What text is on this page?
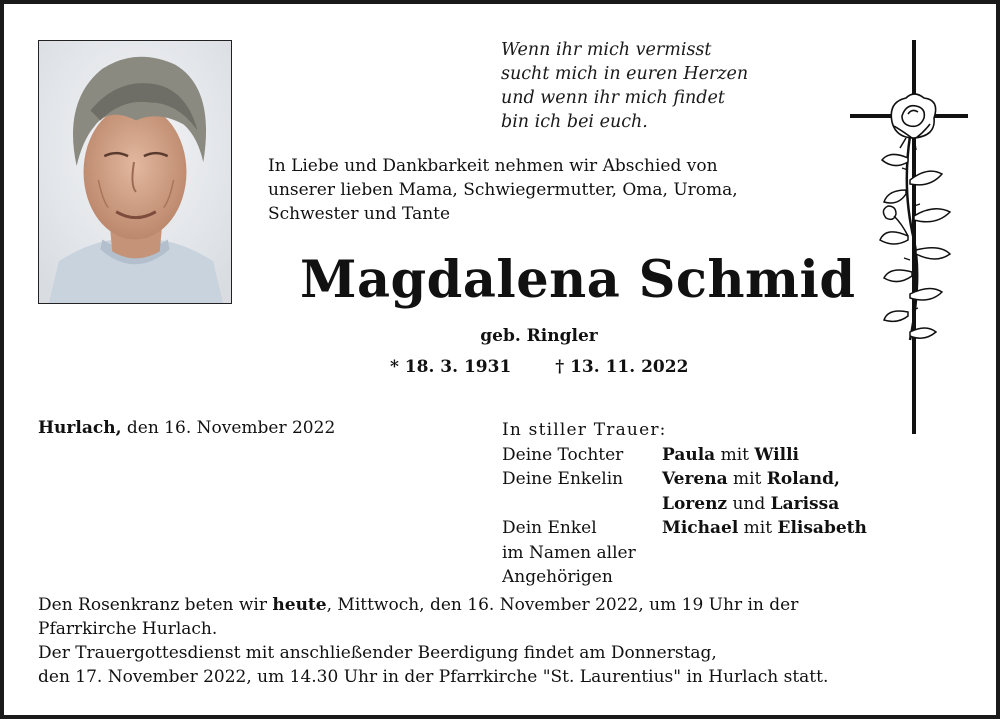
Wenn ihr mich vermisst
sucht mich in euren Herzen
und wenn ihr mich findet
bin ich bei euch.
In Liebe und Dankbarkeit nehmen wir Abschied von
unserer lieben Mama, Schwiegermutter, Oma, Uroma,
Schwester und Tante
Magdalena Schmid
geb. Ringler
* 18. 3. 1931	† 13. 11. 2022
Hurlach, den 16. November 2022	In stiller Trauer:
Deine Tochter	Paula mit Willi
Deine Enkelin	Verena mit Roland,
Lorenz und Larissa
Dein Enkel	Michael mit Elisabeth
im Namen aller
Angehörigen
Den Rosenkranz beten wir heute, Mittwoch, den 16. November 2022, um 19 Uhr in der
Pfarrkirche Hurlach.
Der Trauergottesdienst mit anschließender Beerdigung findet am Donnerstag,
den 17. November 2022, um 14.30 Uhr in der Pfarrkirche "St. Laurentius" in Hurlach statt.
